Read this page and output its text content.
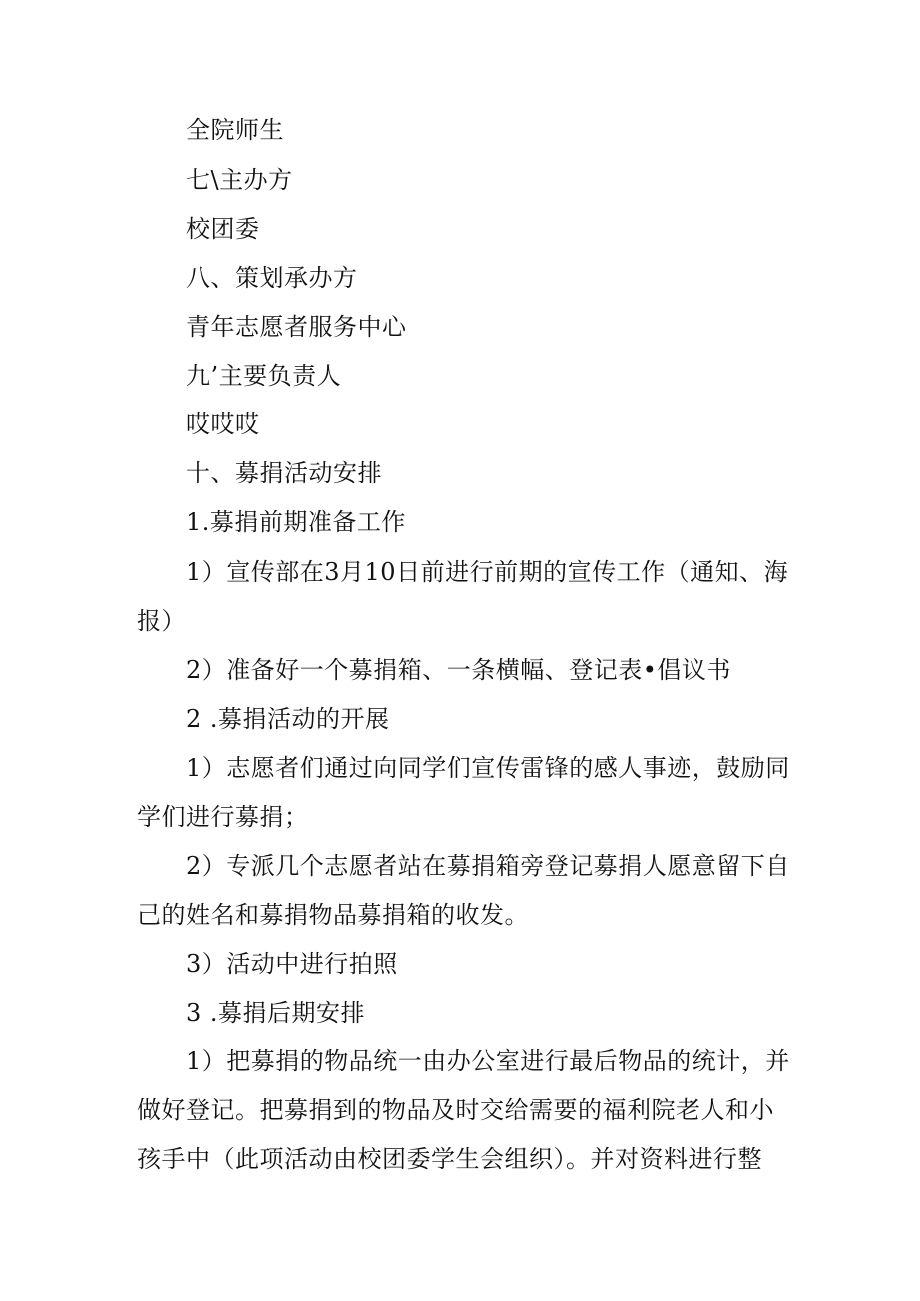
全院师生
七\主办方
校团委
八、策划承办方
青年志愿者服务中心
九’主要负责人
哎哎哎
十、募捐活动安排
1.募捐前期准备工作
1）宣传部在3月10日前进行前期的宣传工作（通知、海
报）
2）准备好一个募捐箱、一条横幅、登记表•倡议书
2 .募捐活动的开展
1）志愿者们通过向同学们宣传雷锋的感人事迹，鼓励同
学们进行募捐；
2）专派几个志愿者站在募捐箱旁登记募捐人愿意留下自
己的姓名和募捐物品募捐箱的收发。
3）活动中进行拍照
3 .募捐后期安排
1）把募捐的物品统一由办公室进行最后物品的统计，并
做好登记。把募捐到的物品及时交给需要的福利院老人和小
孩手中（此项活动由校团委学生会组织）。并对资料进行整
